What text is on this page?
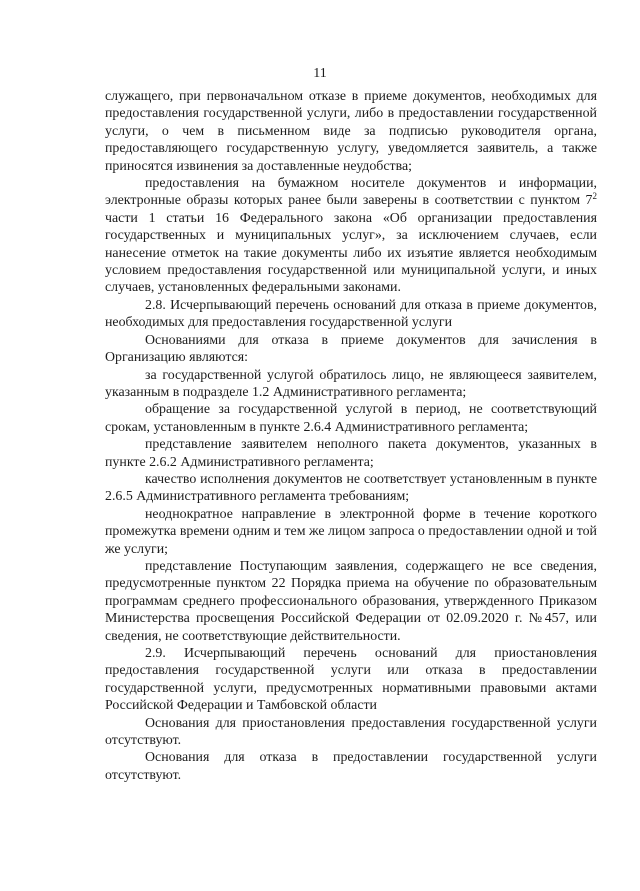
11

служащего, при первоначальном отказе в приеме документов, необходимых для предоставления государственной услуги, либо в предоставлении государственной услуги, о чем в письменном виде за подписью руководителя органа, предоставляющего государственную услугу, уведомляется заявитель, а также приносятся извинения за доставленные неудобства;

предоставления на бумажном носителе документов и информации, электронные образы которых ранее были заверены в соответствии с пунктом $7^2$ части 1 статьи 16 Федерального закона «Об организации предоставления государственных и муниципальных услуг», за исключением случаев, если нанесение отметок на такие документы либо их изъятие является необходимым условием предоставления государственной или муниципальной услуги, и иных случаев, установленных федеральными законами.

2.8. Исчерпывающий перечень оснований для отказа в приеме документов, необходимых для предоставления государственной услуги

Основаниями для отказа в приеме документов для зачисления в Организацию являются:

за государственной услугой обратилось лицо, не являющееся заявителем, указанным в подразделе 1.2 Административного регламента;

обращение за государственной услугой в период, не соответствующий срокам, установленным в пункте 2.6.4 Административного регламента;

представление заявителем неполного пакета документов, указанных в пункте 2.6.2 Административного регламента;

качество исполнения документов не соответствует установленным в пункте 2.6.5 Административного регламента требованиям;

неоднократное направление в электронной форме в течение короткого промежутка времени одним и тем же лицом запроса о предоставлении одной и той же услуги;

представление Поступающим заявления, содержащего не все сведения, предусмотренные пунктом 22 Порядка приема на обучение по образовательным программам среднего профессионального образования, утвержденного Приказом Министерства просвещения Российской Федерации от 02.09.2020 г. №457, или сведения, не соответствующие действительности.

2.9. Исчерпывающий перечень оснований для приостановления предоставления государственной услуги или отказа в предоставлении государственной услуги, предусмотренных нормативными правовыми актами Российской Федерации и Тамбовской области

Основания для приостановления предоставления государственной услуги отсутствуют.

Основания для отказа в предоставлении государственной услуги отсутствуют.
